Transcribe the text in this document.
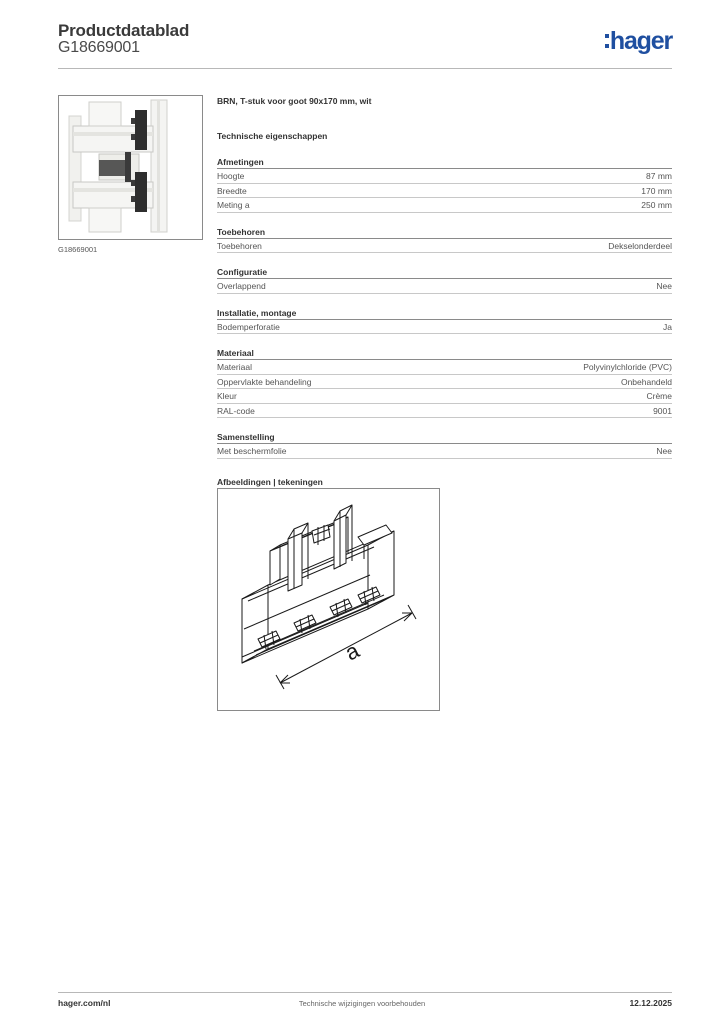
Productdatablad
G18669001	hager
G18669001
BRN, T-stuk voor goot 90x170 mm, wit
Technische eigenschappen
Afmetingen
Hoogte	87 mm
Breedte	170 mm
Meting a	250 mm
Toebehoren
Toebehoren	Dekselonderdeel
Configuratie
Overlappend	Nee
Installatie, montage
Bodemperforatie	Ja
Materiaal
Materiaal	Polyvinylchloride (PVC)
Oppervlakte behandeling	Onbehandeld
Kleur	Crème
RAL-code	9001
Samenstelling
Met beschermfolie	Nee
Afbeeldingen | tekeningen
a
hager.com/nl	Technische wijzigingen voorbehouden	12.12.2025
